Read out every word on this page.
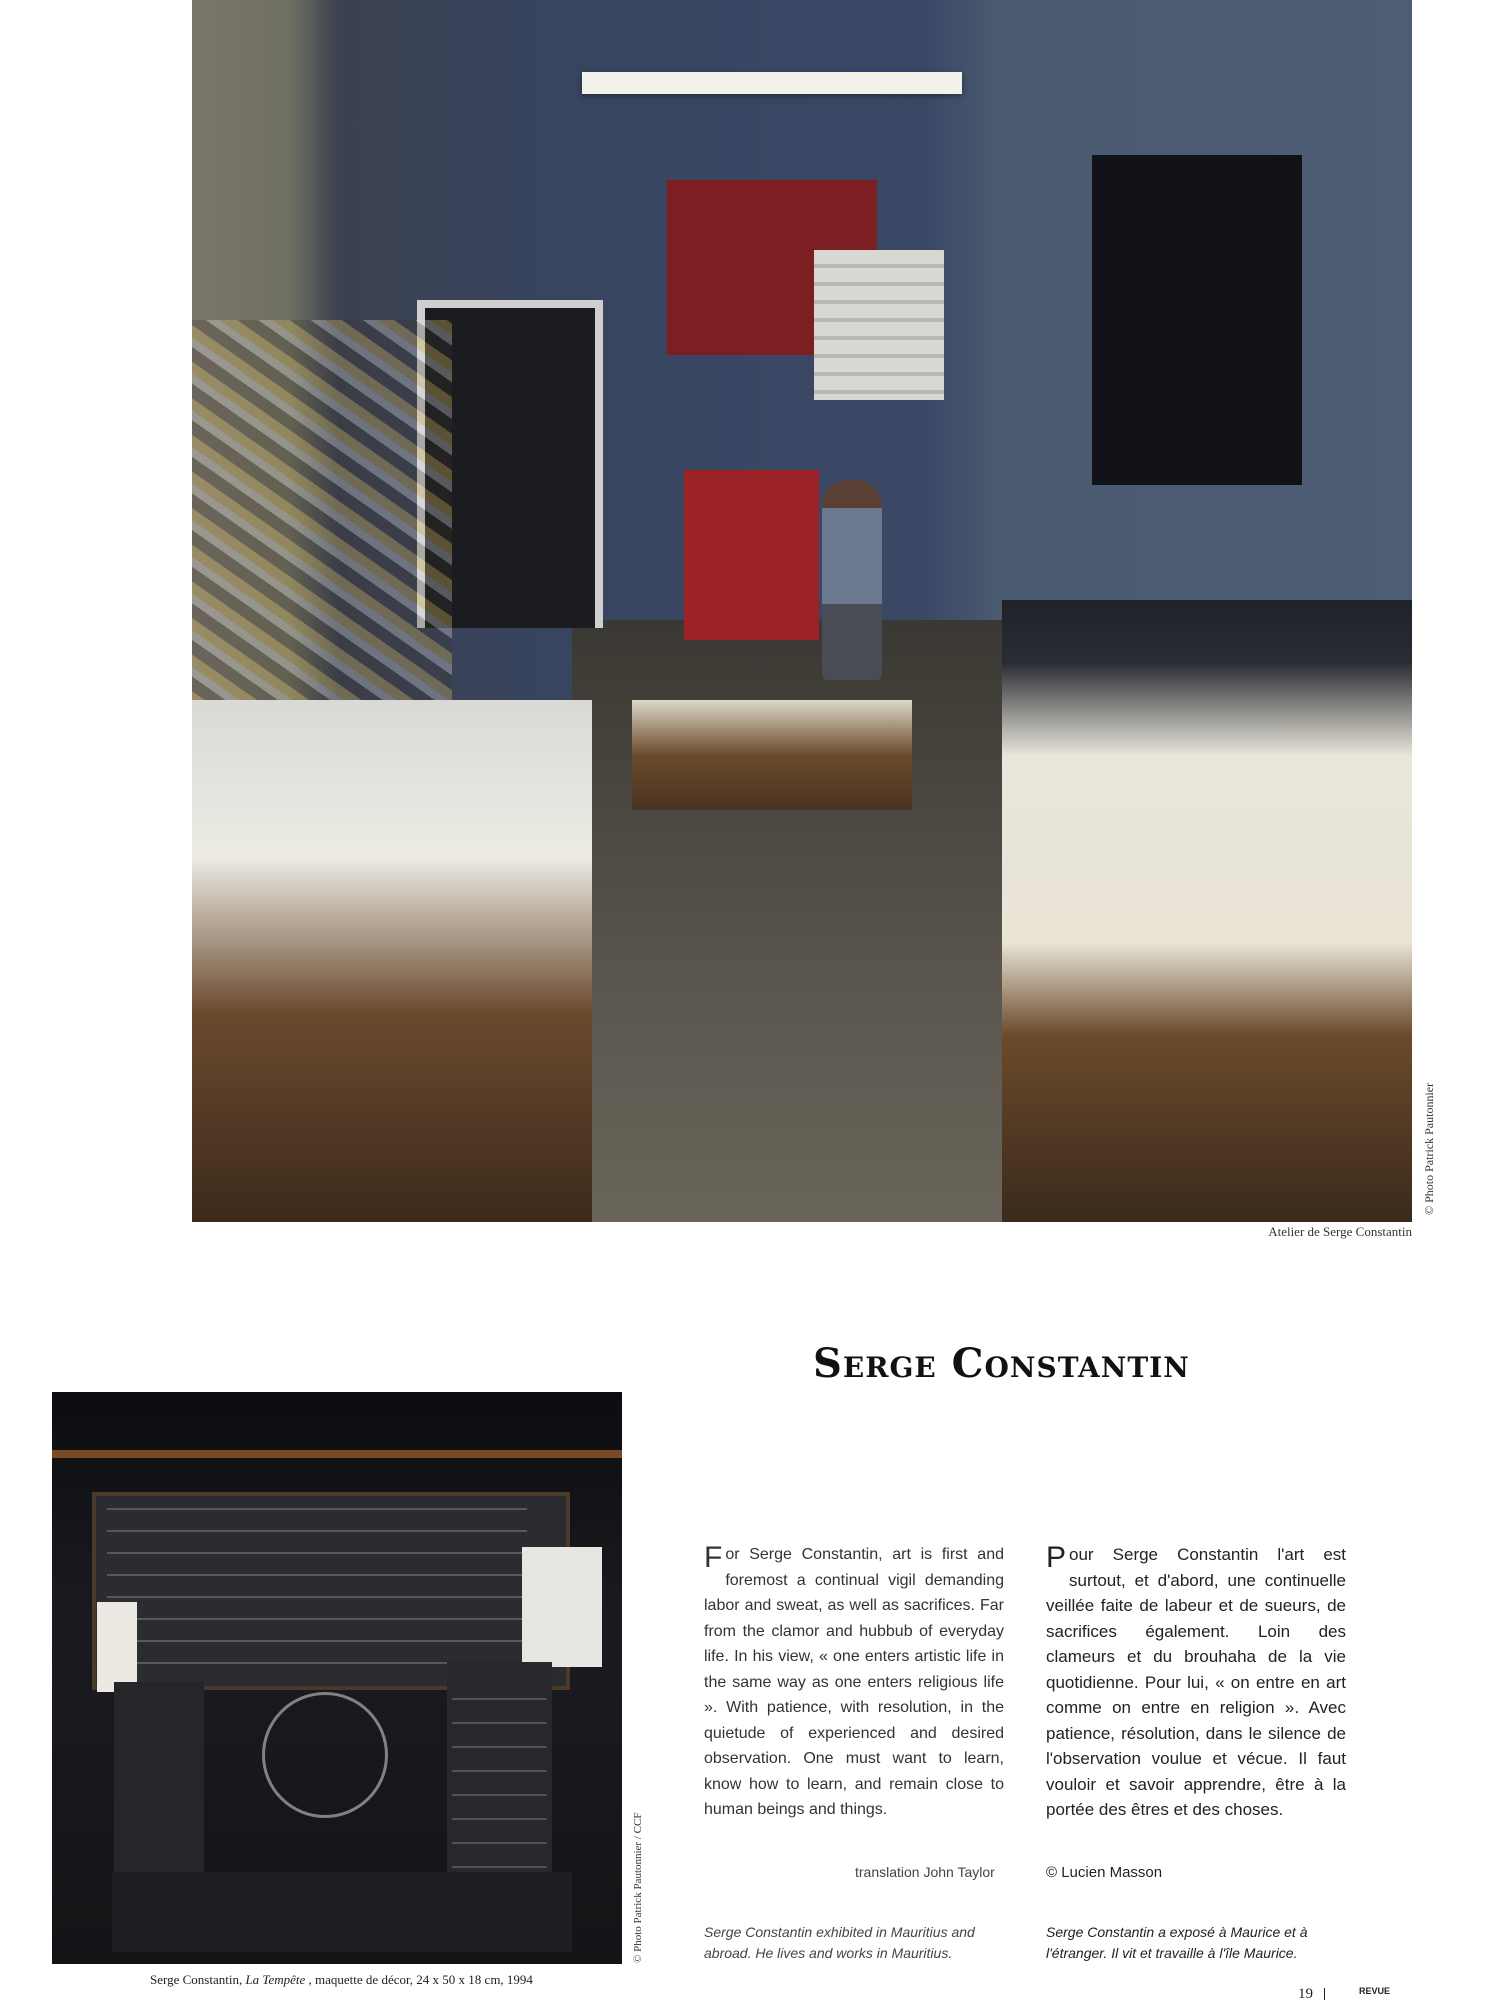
© Photo Patrick Pautonnier
Atelier de Serge Constantin
Serge Constantin
© Photo Patrick Pautonnier / CCF
Serge Constantin, La Tempête , maquette de décor, 24 x 50 x 18 cm, 1994
For Serge Constantin, art is first and foremost a continual vigil demanding labor and sweat, as well as sacrifices. Far from the clamor and hubbub of everyday life. In his view, « one enters artistic life in the same way as one enters religious life ». With patience, with resolution, in the quietude of experienced and desired observation. One must want to learn, know how to learn, and remain close to human beings and things.
translation John Taylor
Pour Serge Constantin l'art est surtout, et d'abord, une continuelle veillée faite de labeur et de sueurs, de sacrifices également. Loin des clameurs et du brouhaha de la vie quotidienne. Pour lui, « on entre en art comme on entre en religion ». Avec patience, résolution, dans le silence de l'observation voulue et vécue. Il faut vouloir et savoir apprendre, être à la portée des êtres et des choses.
© Lucien Masson
Serge Constantin exhibited in Mauritius and abroad. He lives and works in Mauritius.
Serge Constantin a exposé à Maurice et à l'étranger. Il vit et travaille à l'île Maurice.
19	REVUE
